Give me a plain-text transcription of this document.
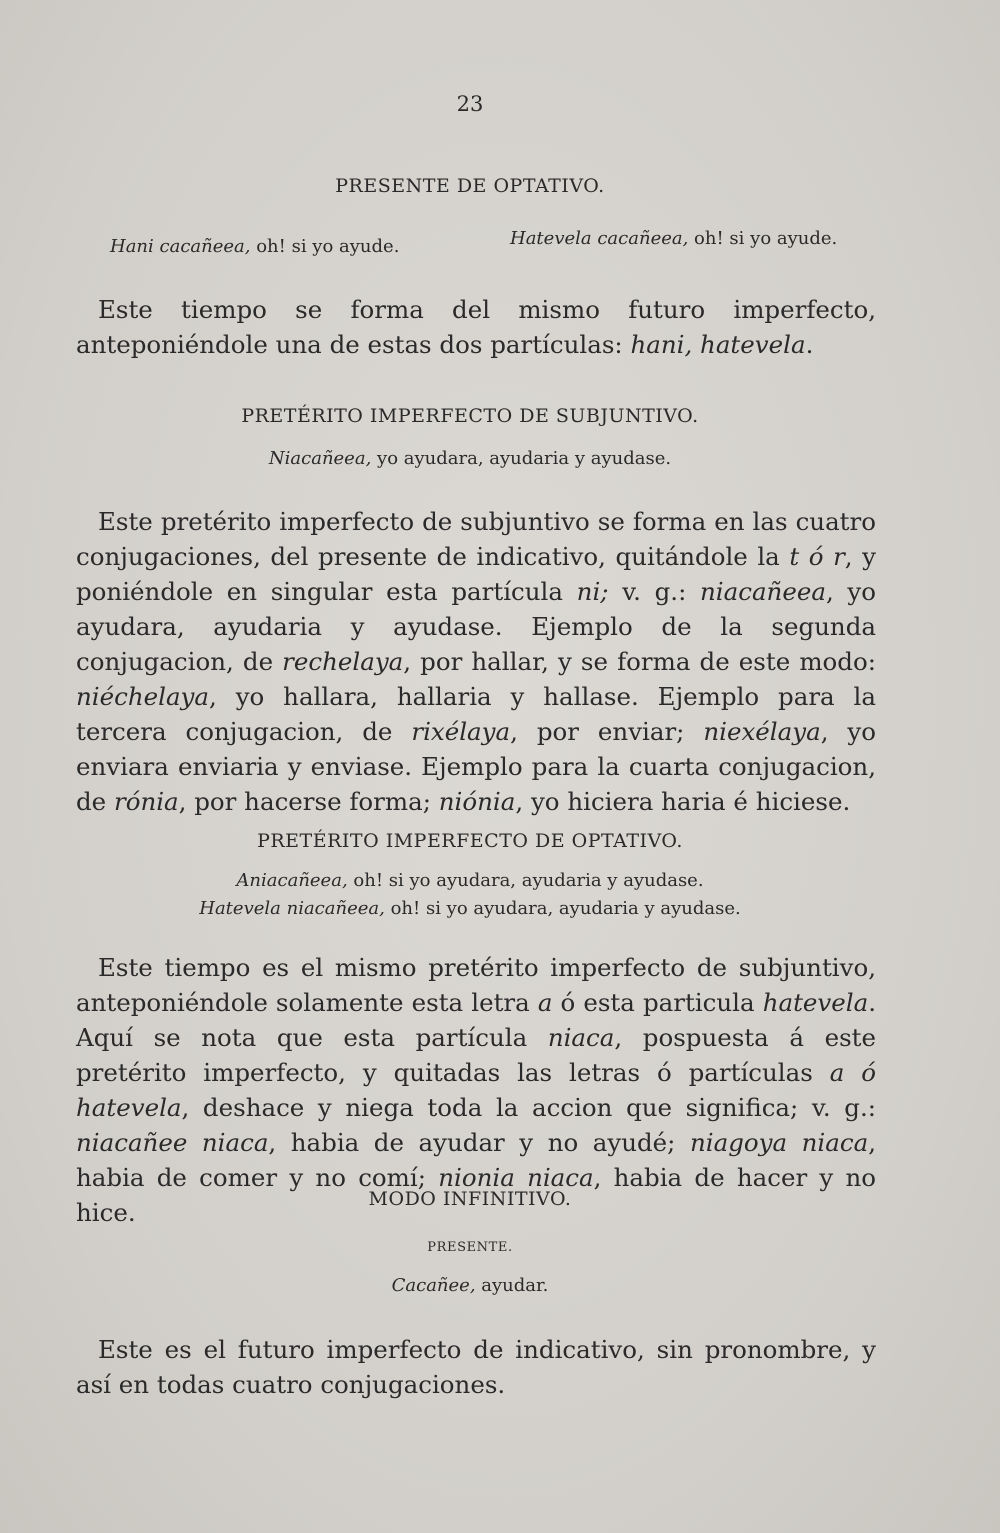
23
PRESENTE DE OPTATIVO.
Hani cacañeea, oh! si yo ayude.	Hatevela cacañeea, oh! si yo ayude.

Este tiempo se forma del mismo futuro imperfecto, anteponiéndole una de estas dos partículas: hani, hatevela.

PRETÉRITO IMPERFECTO DE SUBJUNTIVO.
Niacañeea, yo ayudara, ayudaria y ayudase.

Este pretérito imperfecto de subjuntivo se forma en las cuatro conjugaciones, del presente de indicativo, quitándole la t ó r, y poniéndole en singular esta partícula ni; v. g.: niacañeea, yo ayudara, ayudaria y ayudase. Ejemplo de la segunda conjugacion, de rechelaya, por hallar, y se forma de este modo: niéchelaya, yo hallara, hallaria y hallase. Ejemplo para la tercera conjugacion, de rixélaya, por enviar; niexélaya, yo enviara enviaria y enviase. Ejemplo para la cuarta conjugacion, de rónia, por hacerse forma; niónia, yo hiciera haria é hiciese.

PRETÉRITO IMPERFECTO DE OPTATIVO.
Aniacañeea, oh! si yo ayudara, ayudaria y ayudase.
Hatevela niacañeea, oh! si yo ayudara, ayudaria y ayudase.

Este tiempo es el mismo pretérito imperfecto de subjuntivo, anteponiéndole solamente esta letra a ó esta particula hatevela. Aquí se nota que esta partícula niaca, pospuesta á este pretérito imperfecto, y quitadas las letras ó partículas a ó hatevela, deshace y niega toda la accion que significa; v. g.: niacañee niaca, habia de ayudar y no ayudé; niagoya niaca, habia de comer y no comí; nionia niaca, habia de hacer y no hice.	MODO INFINITIVO.
PRESENTE.
Cacañee, ayudar.

Este es el futuro imperfecto de indicativo, sin pronombre, y así en todas cuatro conjugaciones.
